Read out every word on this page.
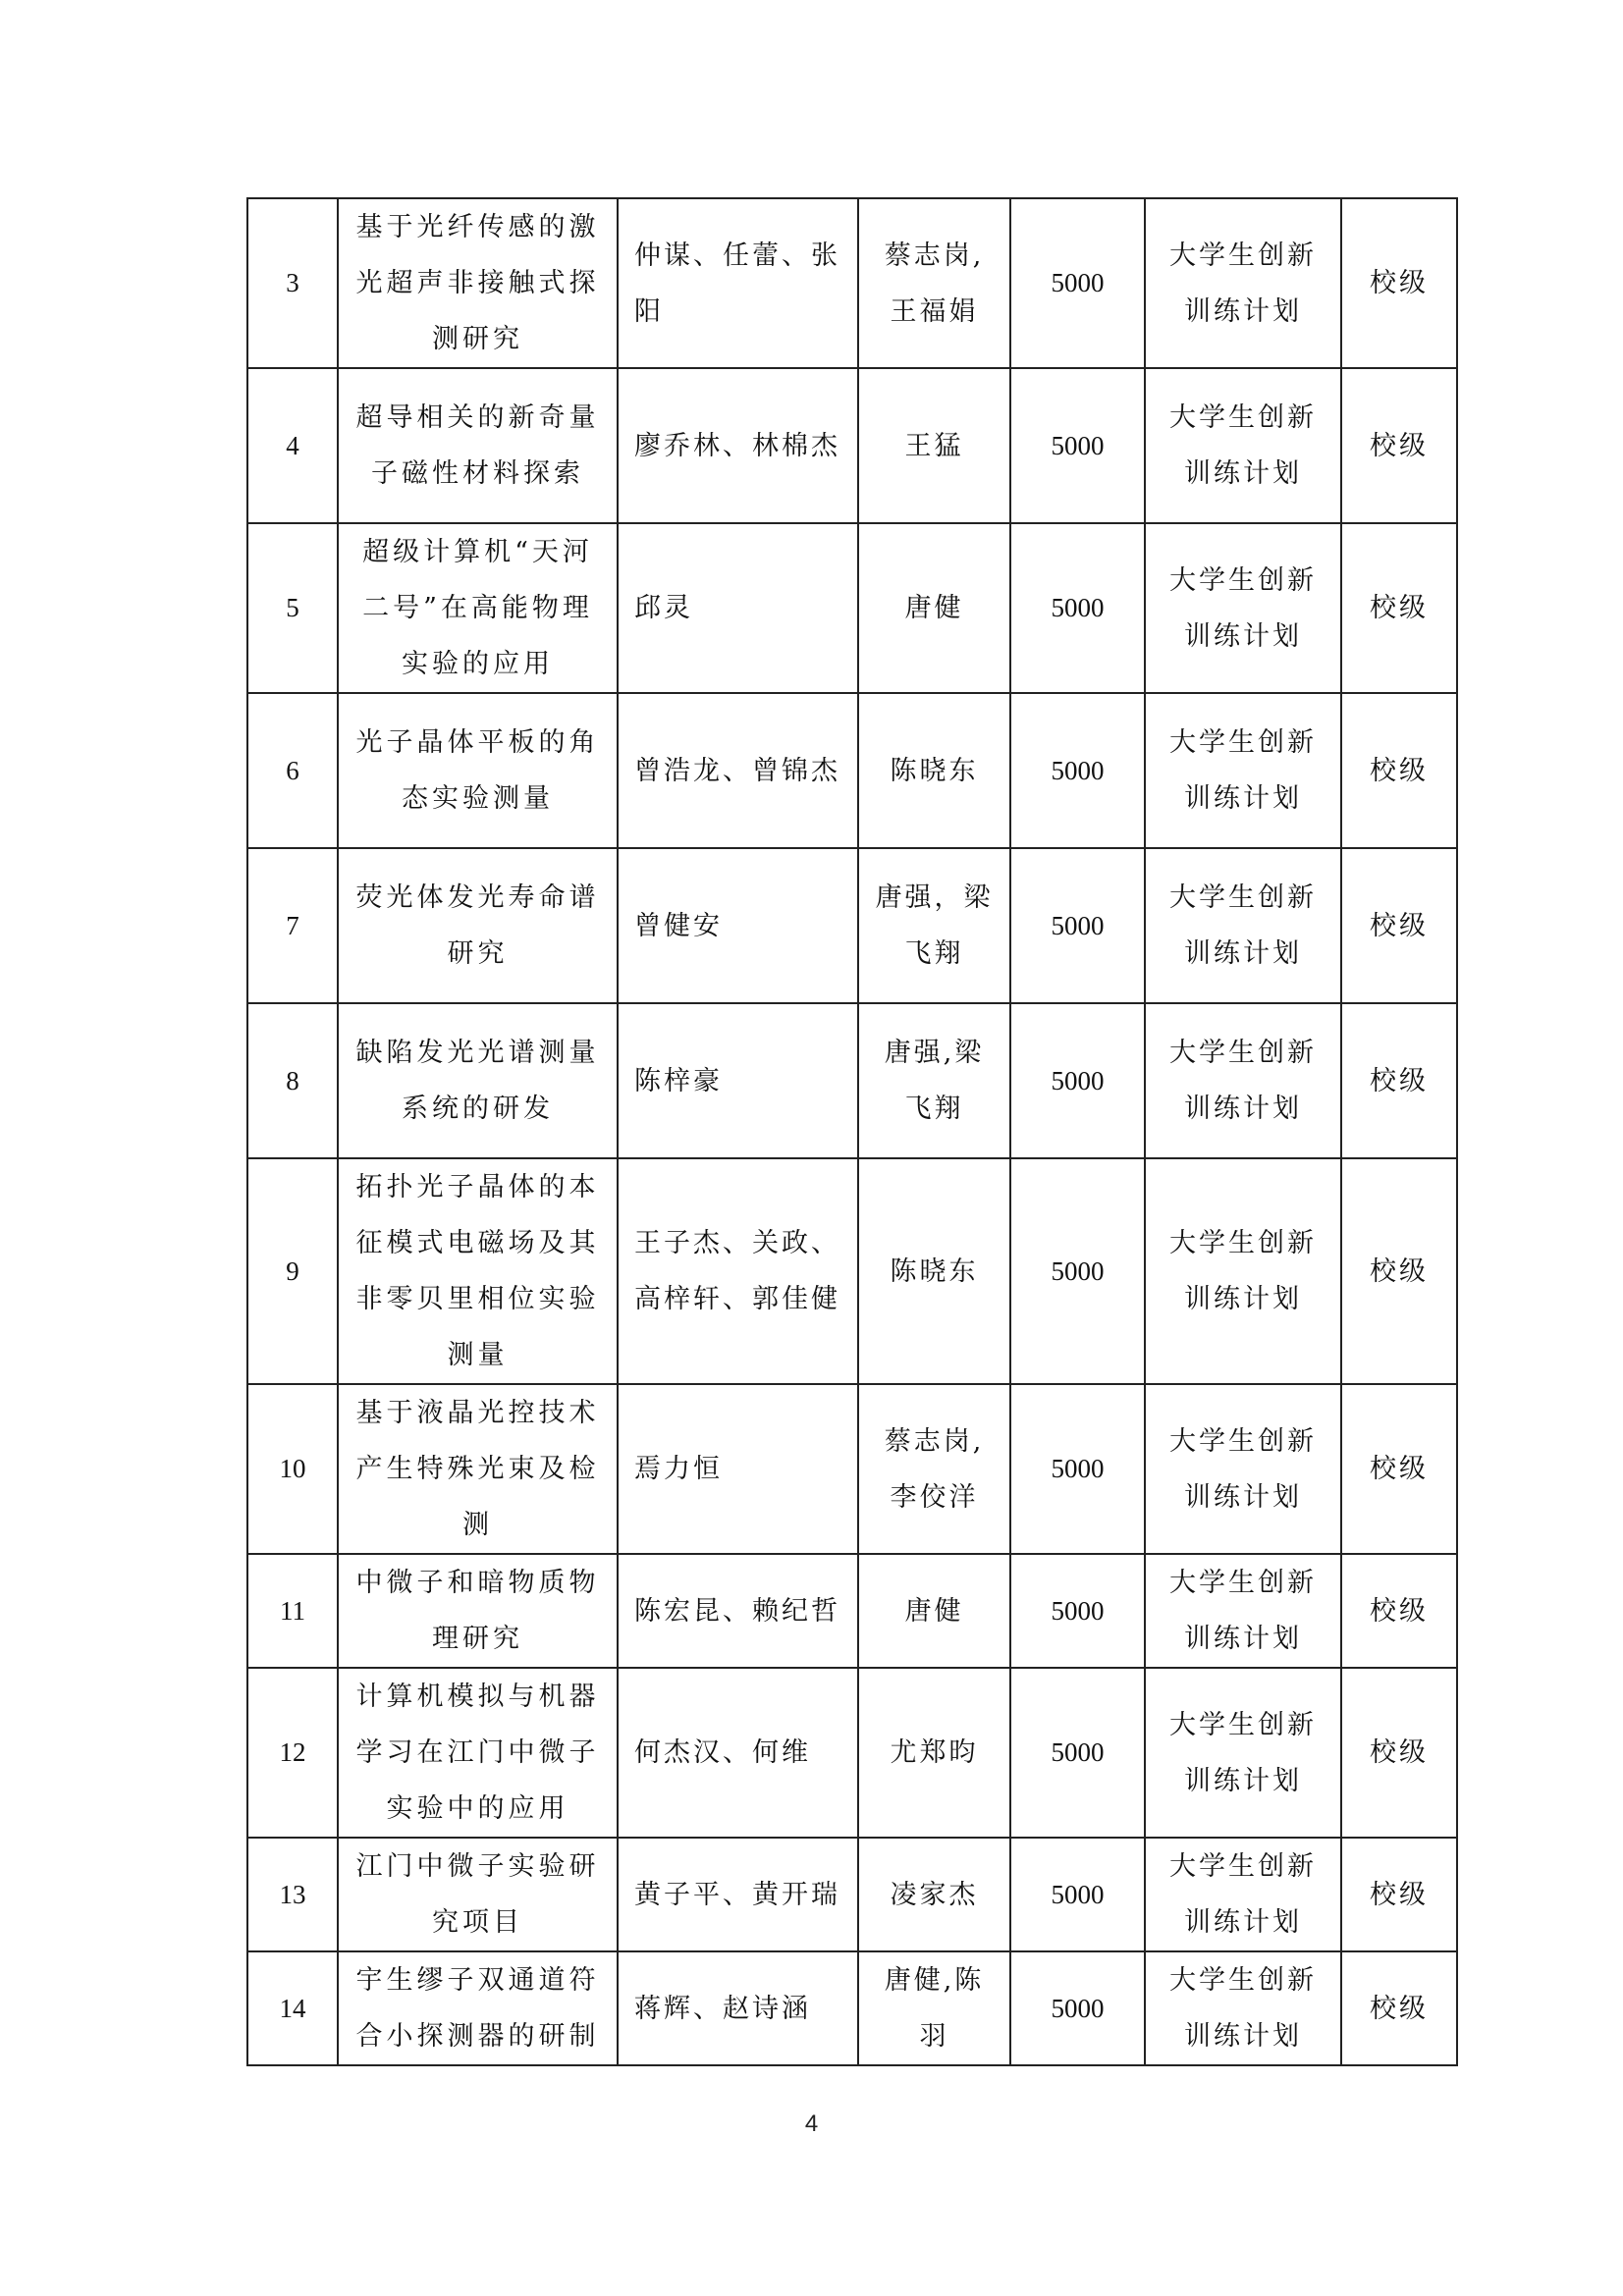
3	基于光纤传感的激
光超声非接触式探
测研究	仲谋、任蕾、张
阳	蔡志岗,
王福娟	5000	大学生创新
训练计划	校级

4	超导相关的新奇量
子磁性材料探索	廖乔林、林棉杰	王猛	5000	大学生创新
训练计划	校级

5	超级计算机“天河
二号”在高能物理
实验的应用	邱灵	唐健	5000	大学生创新
训练计划	校级

6	光子晶体平板的角
态实验测量	曾浩龙、曾锦杰	陈晓东	5000	大学生创新
训练计划	校级

7	荧光体发光寿命谱
研究	曾健安	唐强，梁
飞翔	5000	大学生创新
训练计划	校级

8	缺陷发光光谱测量
系统的研发	陈梓豪	唐强,梁
飞翔	5000	大学生创新
训练计划	校级

9	拓扑光子晶体的本
征模式电磁场及其
非零贝里相位实验
测量	王子杰、关政、
高梓轩、郭佳健	陈晓东	5000	大学生创新
训练计划	校级

10	基于液晶光控技术
产生特殊光束及检
测	焉力恒	蔡志岗,
李佼洋	5000	大学生创新
训练计划	校级

11	中微子和暗物质物
理研究	陈宏昆、赖纪哲	唐健	5000	大学生创新
训练计划	校级

12	计算机模拟与机器
学习在江门中微子
实验中的应用	何杰汉、何维	尤郑昀	5000	大学生创新
训练计划	校级

13	江门中微子实验研
究项目	黄子平、黄开瑞	凌家杰	5000	大学生创新
训练计划	校级

14	宇生缪子双通道符
合小探测器的研制	蒋辉、赵诗涵	唐健,陈
羽	5000	大学生创新
训练计划	校级
4
